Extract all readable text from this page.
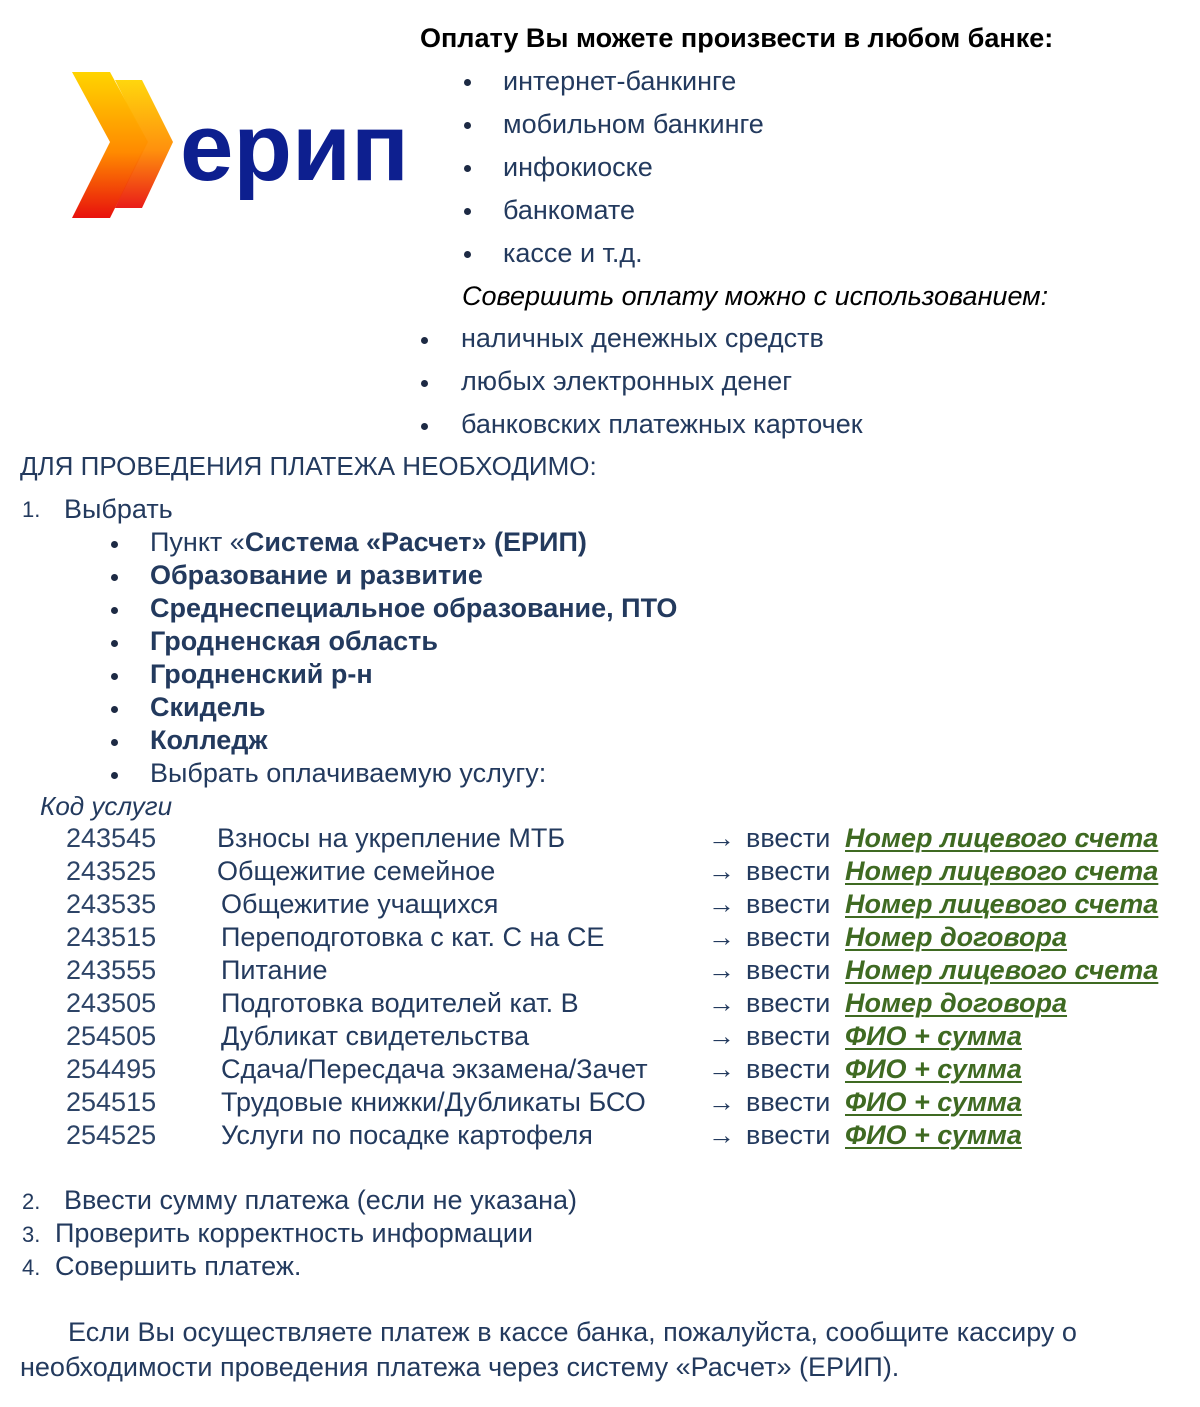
ерип
Оплату Вы можете произвести в любом банке:
интернет-банкинге
мобильном банкинге
инфокиоске
банкомате
кассе и т.д.
Совершить оплату можно с использованием:
наличных денежных средств
любых электронных денег
банковских платежных карточек
ДЛЯ ПРОВЕДЕНИЯ ПЛАТЕЖА НЕОБХОДИМО:
1. Выбрать
Пункт «Система «Расчет» (ЕРИП)
Образование и развитие
Среднеспециальное образование, ПТО
Гродненская область
Гродненский р-н
Скидель
Колледж
Выбрать оплачиваемую услугу:
Код услуги
243545 Взносы на укрепление МТБ	→ ввести Номер лицевого счета
243525 Общежитие семейное	→ ввести Номер лицевого счета
243535 Общежитие учащихся	→ ввести Номер лицевого счета
243515 Переподготовка с кат. С на СЕ	→ ввести Номер договора
243555 Питание	→ ввести Номер лицевого счета
243505 Подготовка водителей кат. В	→ ввести Номер договора
254505 Дубликат свидетельства	→ ввести ФИО + сумма
254495 Сдача/Пересдача экзамена/Зачет → ввести ФИО + сумма
254515 Трудовые книжки/Дубликаты БСО → ввести ФИО + сумма
254525 Услуги по посадке картофеля	→ ввести ФИО + сумма
2. Ввести сумму платежа (если не указана)
3. Проверить корректность информации
4. Совершить платеж.
Если Вы осуществляете платеж в кассе банка, пожалуйста, сообщите кассиру о
необходимости проведения платежа через систему «Расчет» (ЕРИП).
